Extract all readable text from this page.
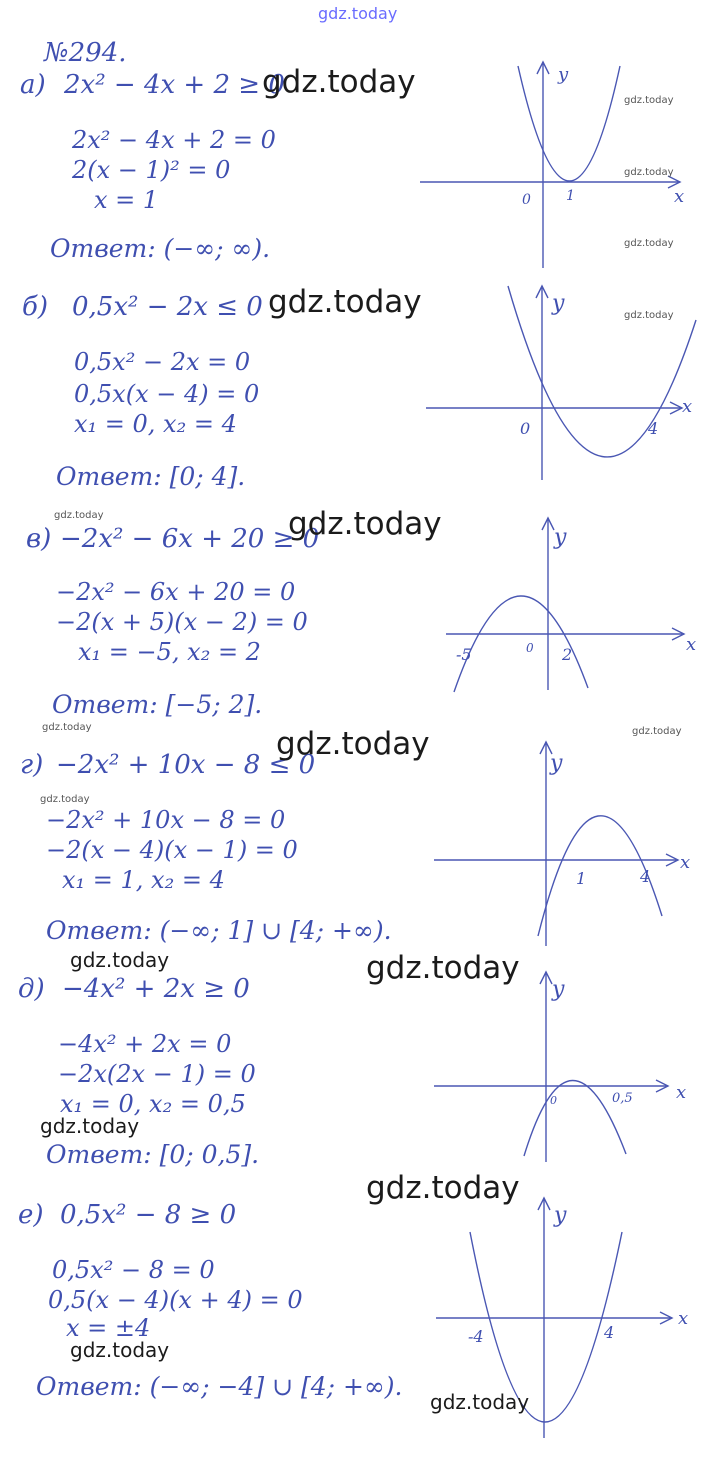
gdz.today
№294.
а) 2x² − 4x + 2 ≥ 0
2x² − 4x + 2 = 0
2(x − 1)² = 0
x = 1
Ответ: (−∞; ∞).
y
x
0	1
gdz.today
gdz.today
gdz.today
gdz.today
б) 0,5x² − 2x ≤ 0
0,5x² − 2x = 0
0,5x(x − 4) = 0
x₁ = 0, x₂ = 4
Ответ: [0; 4].
y
x
0	4
gdz.today	gdz.today
gdz.today
в) −2x² − 6x + 20 ≥ 0
−2x² − 6x + 20 = 0
−2(x + 5)(x − 2) = 0
x₁ = −5, x₂ = 2
Ответ: [−5; 2].
y
x
0
-5	2
gdz.today
gdz.today	gdz.today
г) −2x² + 10x − 8 ≤ 0
gdz.today
−2x² + 10x − 8 = 0
−2(x − 4)(x − 1) = 0
x₁ = 1, x₂ = 4
Ответ: (−∞; 1] ∪ [4; +∞).
y
x
1	4
gdz.today
gdz.today
д) −4x² + 2x ≥ 0
−4x² + 2x = 0
−2x(2x − 1) = 0
x₁ = 0, x₂ = 0,5
gdz.today
Ответ: [0; 0,5].
y
x
0	0,5
gdz.today
е) 0,5x² − 8 ≥ 0
0,5x² − 8 = 0
0,5(x − 4)(x + 4) = 0
x = ±4
gdz.today
Ответ: (−∞; −4] ∪ [4; +∞).
y
x
-4	4
gdz.today
gdz.today
